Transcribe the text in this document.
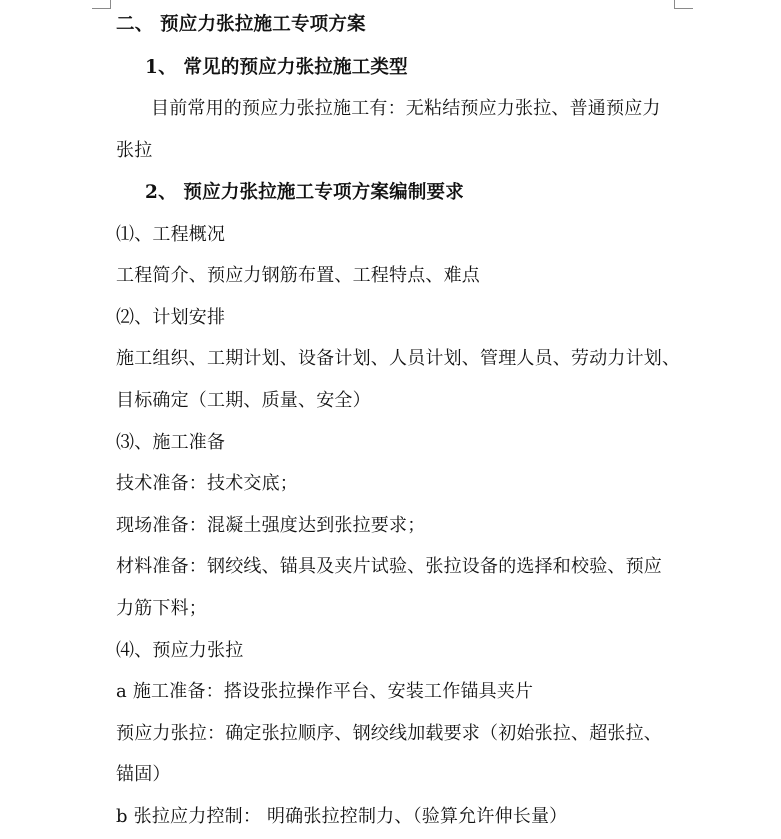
二、 预应力张拉施工专项方案
1、 常见的预应力张拉施工类型
目前常用的预应力张拉施工有：无粘结预应力张拉、普通预应力
张拉
2、 预应力张拉施工专项方案编制要求
⑴、工程概况
工程简介、预应力钢筋布置、工程特点、难点
⑵、计划安排
施工组织、工期计划、设备计划、人员计划、管理人员、劳动力计划、
目标确定（工期、质量、安全）
⑶、施工准备
技术准备：技术交底；
现场准备：混凝土强度达到张拉要求；
材料准备：钢绞线、锚具及夹片试验、张拉设备的选择和校验、预应
力筋下料；
⑷、预应力张拉
a 施工准备：搭设张拉操作平台、安装工作锚具夹片
预应力张拉：确定张拉顺序、钢绞线加载要求（初始张拉、超张拉、
锚固）
b 张拉应力控制： 明确张拉控制力、（验算允许伸长量）
